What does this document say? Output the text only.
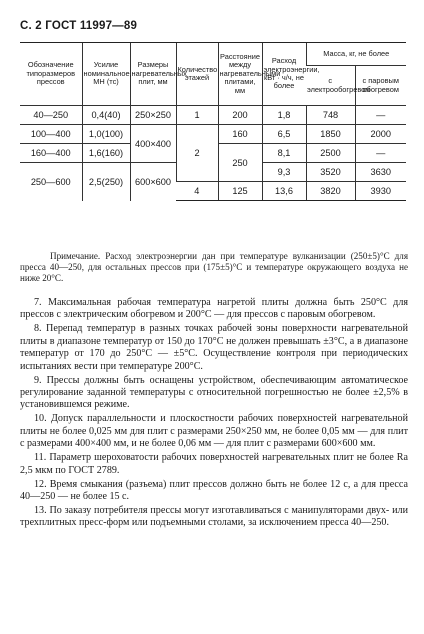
С. 2 ГОСТ 11997—89
Обозначение типоразмеров прессов	Усилие номинальное, МН (тс)	Размеры нагревательных плит, мм	Количество этажей	Расстояние между нагревательными плитами, мм	Расход электроэнергии, кВт · ч/ч, не более	Масса, кг, не более	
						с электрообогревом	с паровым обогревом
40—250	0,4(40)	250×250	1	200	1,8	748	—
100—400	1,0(100)	400×400	2	160	6,5	1850	2000
160—400	1,6(160)			250	8,1	2500	—
250—600	2,5(250)	600×600			9,3	3520	3630
			4	125	13,6	3820	3930
Примечание. Расход электроэнергии дан при температуре вулканизации (250±5)°С для пресса 40—250, для остальных прессов при (175±5)°С и температуре окружающего воздуха не ниже 20°С.

7. Максимальная рабочая температура нагретой плиты должна быть 250°С для прессов с электрическим обогревом и 200°С — для прессов с паровым обогревом.

8. Перепад температур в разных точках рабочей зоны поверхности нагревательной плиты в диапазоне температур от 150 до 170°С не должен превышать ±3°С, а в диапазоне температур от 170 до 250°С — ±5°С. Осуществление контроля при периодических испытаниях вести при температуре 200°С.

9. Прессы должны быть оснащены устройством, обеспечивающим автоматическое регулирование заданной температуры с относительной погрешностью не более ±2,5% в установившемся режиме.

10. Допуск параллельности и плоскостности рабочих поверхностей нагревательной плиты не более 0,025 мм для плит с размерами 250×250 мм, не более 0,05 мм — для плит с размерами 400×400 мм, и не более 0,06 мм — для плит с размерами 600×600 мм.

11. Параметр шероховатости рабочих поверхностей нагревательных плит не более Ra 2,5 мкм по ГОСТ 2789.

12. Время смыкания (разъема) плит прессов должно быть не более 12 с, а для пресса 40—250 — не более 15 с.

13. По заказу потребителя прессы могут изготавливаться с манипуляторами двух- или трехплитных пресс-форм или подъемными столами, за исключением пресса 40—250.
